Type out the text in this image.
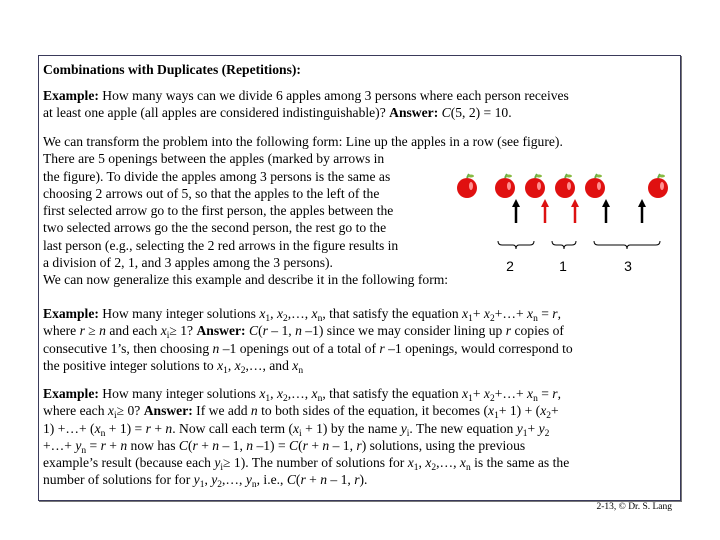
Combinations with Duplicates (Repetitions):
Example: How many ways can we divide 6 apples among 3 persons where each person receives
at least one apple (all apples are considered indistinguishable)? Answer: C(5, 2) = 10.
We can transform the problem into the following form: Line up the apples in a row (see figure).
There are 5 openings between the apples (marked by arrows in
the figure). To divide the apples among 3 persons is the same as
choosing 2 arrows out of 5, so that the apples to the left of the
first selected arrow go to the first person, the apples between the
two selected arrows go the the second person, the rest go to the
last person (e.g., selecting the 2 red arrows in the figure results in
a division of 2, 1, and 3 apples among the 3 persons).
We can now generalize this example and describe it in the following form:
2	1	3
Example: How many integer solutions $x_1$, $x_2,\dots$, $x_n$, that satisfy the equation $x_1+$ $x_2+\dots+ x_n = r$,
where r ≥ n and each $x_i\ge 1$? Answer: C(r – 1, n –1) since we may consider lining up r copies of
consecutive 1’s, then choosing n –1 openings out of a total of r –1 openings, would correspond to
the positive integer solutions to $x_1$, $x_2,\dots$, and $x_n$
Example: How many integer solutions $x_1$, $x_2,\dots$, $x_n$, that satisfy the equation $x_1+$ $x_2+\dots+ x_n = r$,
where each $x_i\ge 0$? Answer: If we add n to both sides of the equation, it becomes $(x_1+ 1) + (x_2+$
1) +…+ $(x_n + 1) = r + n$. Now call each term $(x_i + 1)$ by the name $y_i$. The new equation $y_1+ y_2$
+…+ $y_n = r + n$ now has C(r + n – 1, n –1) = C(r + n – 1, r) solutions, using the previous
example’s result (because each $y_i\ge 1$). The number of solutions for $x_1$, $x_2,\dots$, $x_n$ is the same as the
number of solutions for for $y_1$, $y_2,\dots$, $y_n$, i.e., C(r + n – 1, r).
2-13, © Dr. S. Lang
